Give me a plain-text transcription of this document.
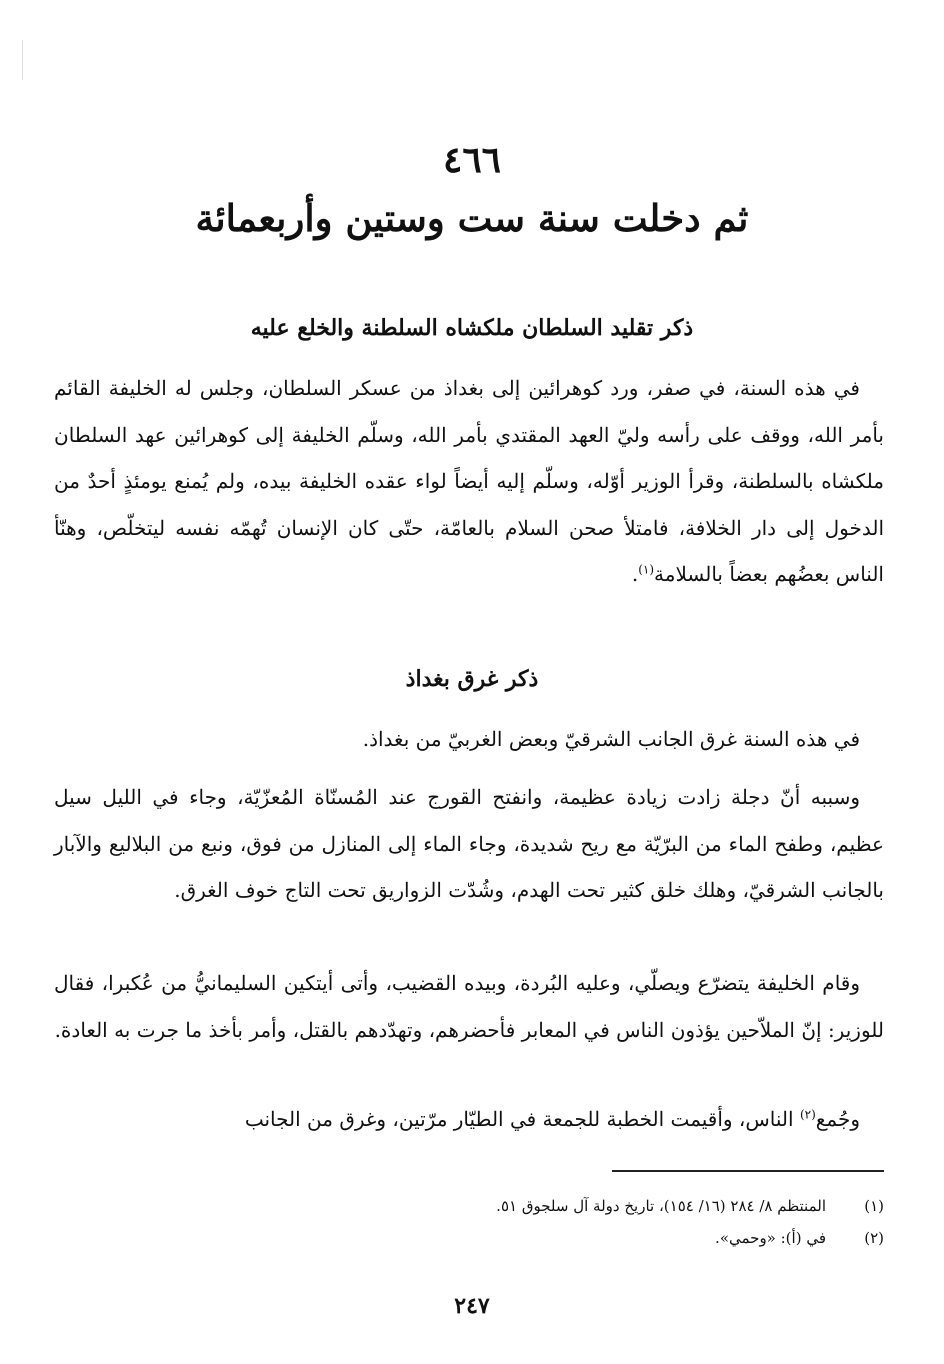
٤٦٦
ثم دخلت سنة ست وستين وأربعمائة
ذكر تقليد السلطان ملكشاه السلطنة والخلع عليه
في هذه السنة، في صفر، ورد كوهرائين إلى بغداذ من عسكر السلطان، وجلس له الخليفة القائم بأمر الله، ووقف على رأسه وليّ العهد المقتدي بأمر الله، وسلّم الخليفة إلى كوهرائين عهد السلطان ملكشاه بالسلطنة، وقرأ الوزير أوّله، وسلّم إليه أيضاً لواء عقده الخليفة بيده، ولم يُمنع يومئذٍ أحدٌ من الدخول إلى دار الخلافة، فامتلأ صحن السلام بالعامّة، حتّى كان الإنسان تُهمّه نفسه ليتخلّص، وهنّأ الناس بعضُهم بعضاً بالسلامة$^{(١)}$.
ذكر غرق بغداذ
في هذه السنة غرق الجانب الشرقيّ وبعض الغربيّ من بغداذ.
وسببه أنّ دجلة زادت زيادة عظيمة، وانفتح القورج عند المُسنّاة المُعزّيّة، وجاء في الليل سيل عظيم، وطفح الماء من البرّيّة مع ريح شديدة، وجاء الماء إلى المنازل من فوق، ونبع من البلاليع والآبار بالجانب الشرقيّ، وهلك خلق كثير تحت الهدم، وشُدّت الزواريق تحت التاج خوف الغرق.
وقام الخليفة يتضرّع ويصلّي، وعليه البُردة، وبيده القضيب، وأتى أيتكين السليمانيُّ من عُكبرا، فقال للوزير: إنّ الملاّحين يؤذون الناس في المعابر فأحضرهم، وتهدّدهم بالقتل، وأمر بأخذ ما جرت به العادة.
وجُمع$^{(٢)}$ الناس، وأقيمت الخطبة للجمعة في الطيّار مرّتين، وغرق من الجانب
(١)
المنتظم ٨/ ٢٨٤ (١٦/ ١٥٤)، تاريخ دولة آل سلجوق ٥١.
(٢)
في (أ): «وحمي».
٢٤٧
